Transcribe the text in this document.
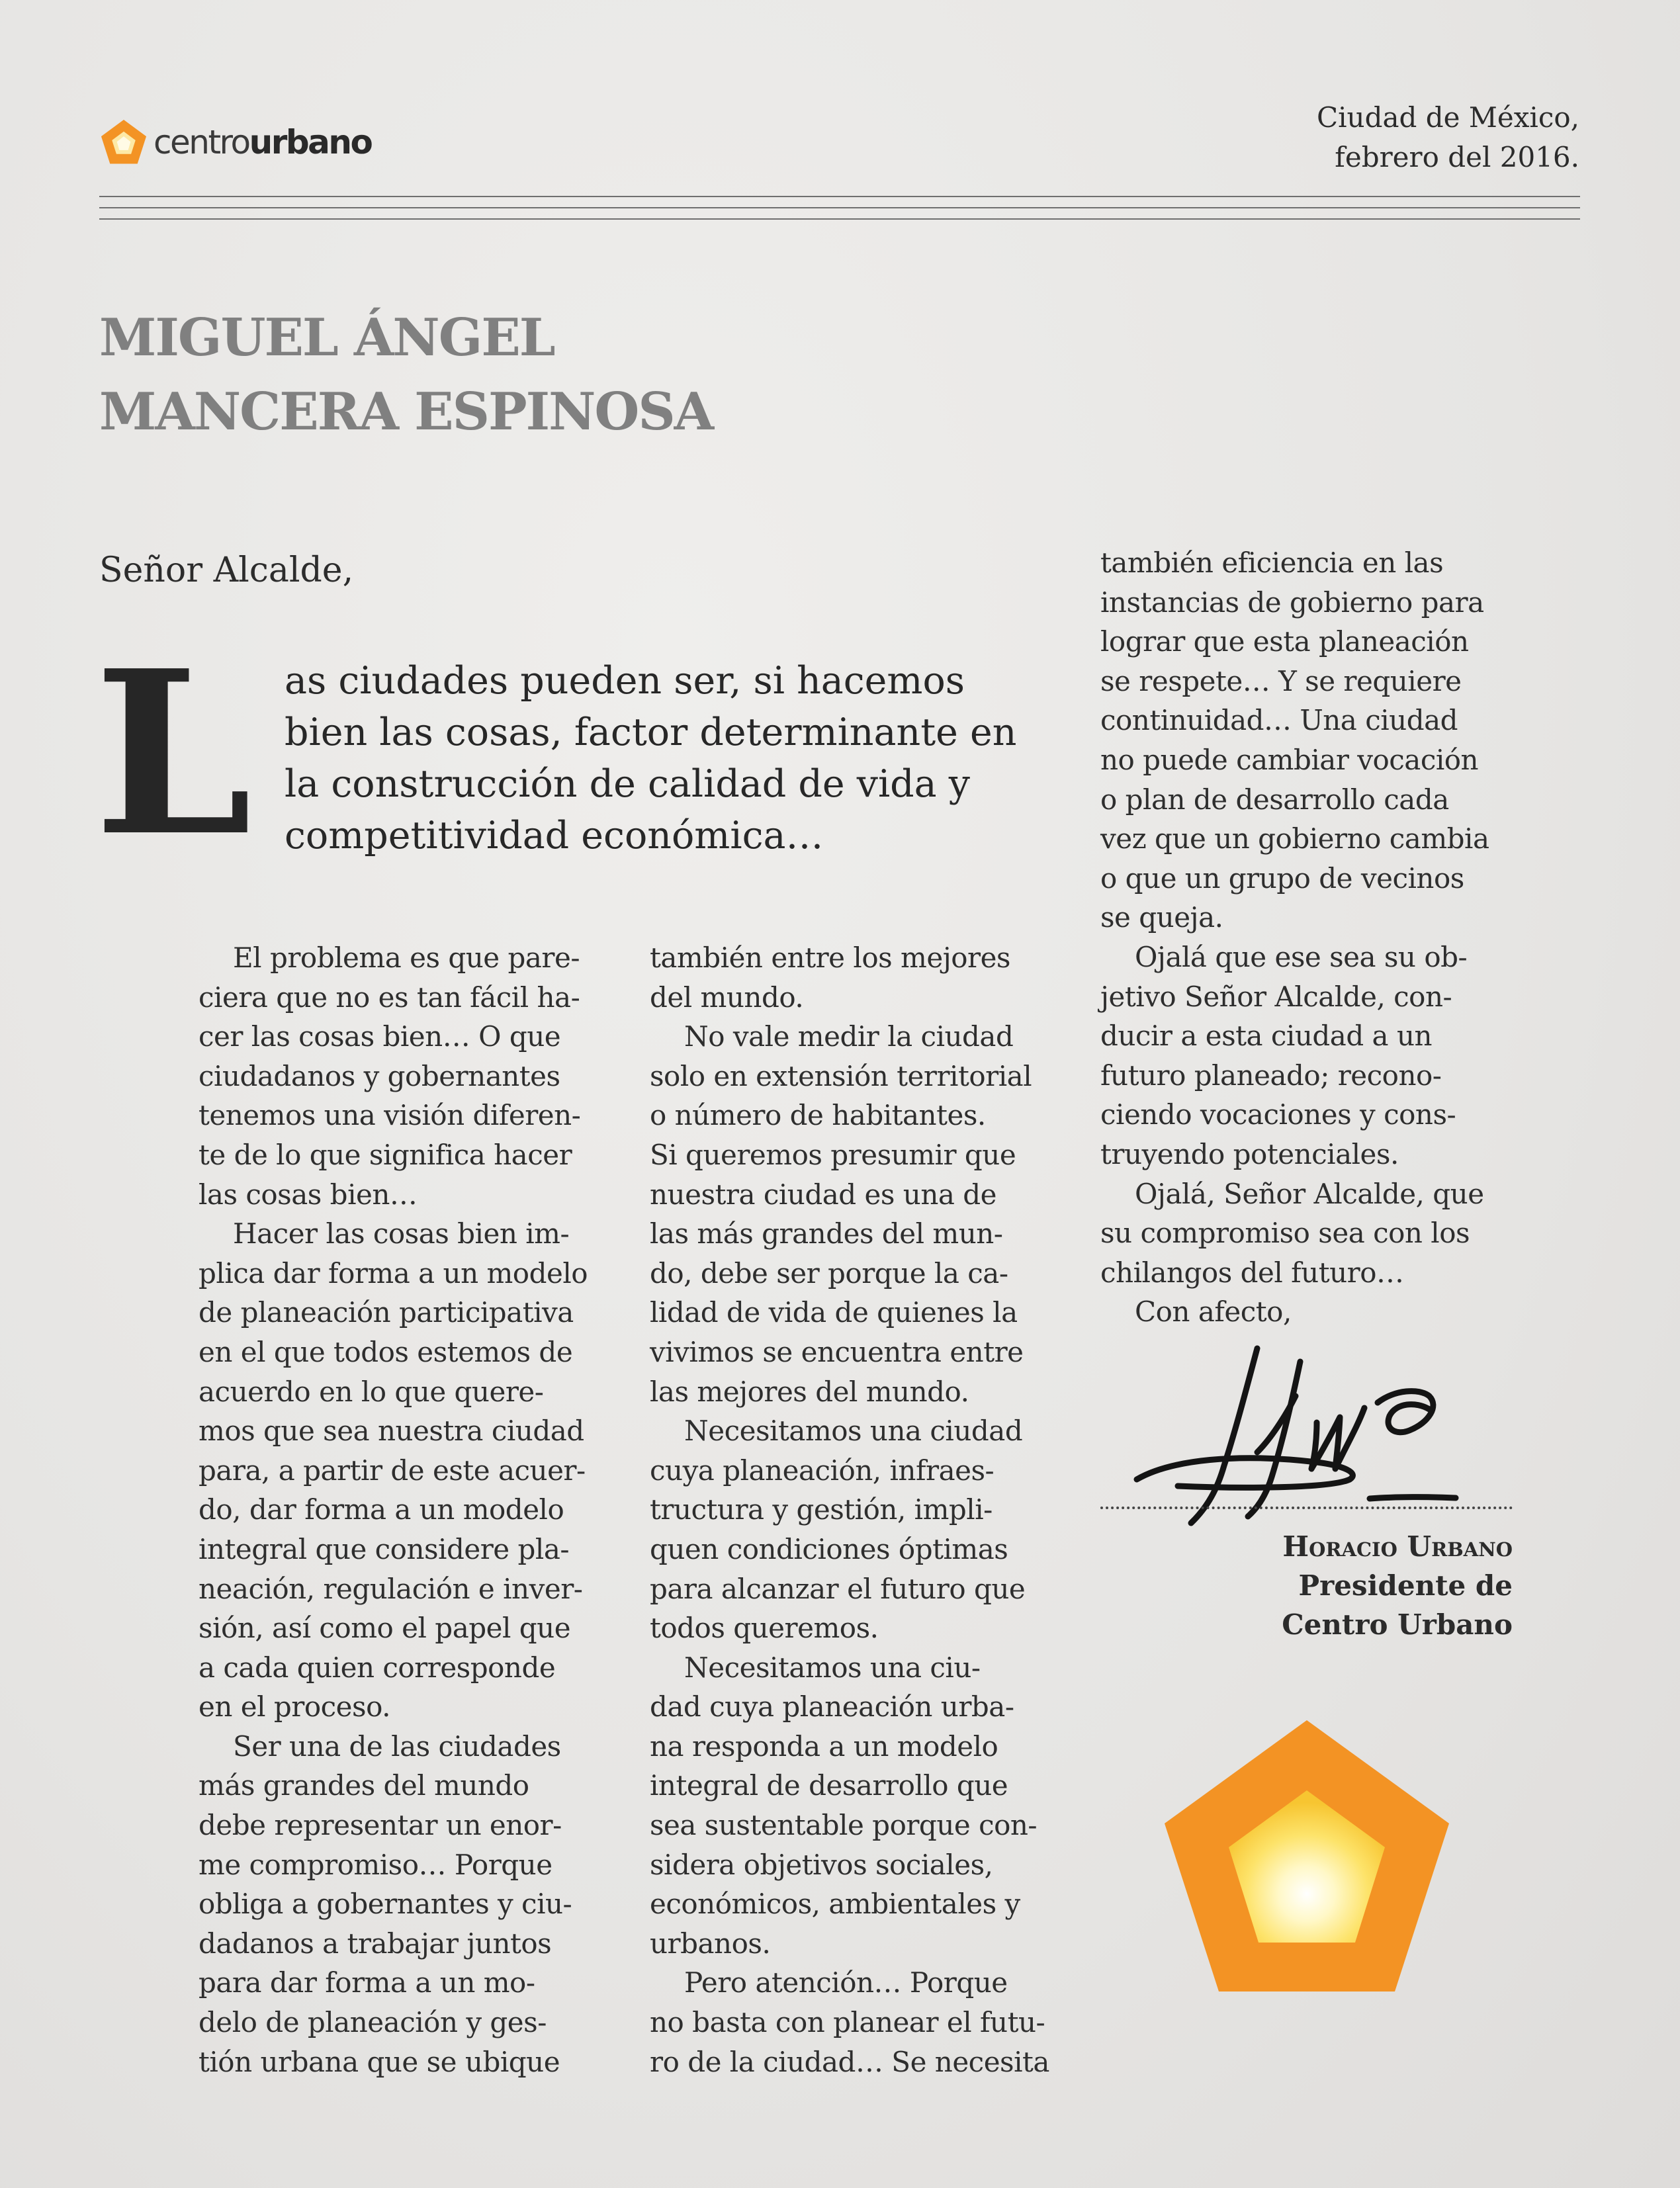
centrourbano
Ciudad de México,
febrero del 2016.
MIGUEL ÁNGEL
MANCERA ESPINOSA
Señor Alcalde,
L as ciudades pueden ser, si hacemos
bien las cosas, factor determinante en
la construcción de calidad de vida y
competitividad económica…
El problema es que pare-
ciera que no es tan fácil ha-
cer las cosas bien… O que
ciudadanos y gobernantes
tenemos una visión diferen-
te de lo que significa hacer
las cosas bien…
Hacer las cosas bien im-
plica dar forma a un modelo
de planeación participativa
en el que todos estemos de
acuerdo en lo que quere-
mos que sea nuestra ciudad
para, a partir de este acuer-
do, dar forma a un modelo
integral que considere pla-
neación, regulación e inver-
sión, así como el papel que
a cada quien corresponde
en el proceso.
Ser una de las ciudades
más grandes del mundo
debe representar un enor-
me compromiso… Porque
obliga a gobernantes y ciu-
dadanos a trabajar juntos
para dar forma a un mo-
delo de planeación y ges-
tión urbana que se ubique
también entre los mejores
del mundo.
No vale medir la ciudad
solo en extensión territorial
o número de habitantes.
Si queremos presumir que
nuestra ciudad es una de
las más grandes del mun-
do, debe ser porque la ca-
lidad de vida de quienes la
vivimos se encuentra entre
las mejores del mundo.
Necesitamos una ciudad
cuya planeación, infraes-
tructura y gestión, impli-
quen condiciones óptimas
para alcanzar el futuro que
todos queremos.
Necesitamos una ciu-
dad cuya planeación urba-
na responda a un modelo
integral de desarrollo que
sea sustentable porque con-
sidera objetivos sociales,
económicos, ambientales y
urbanos.
Pero atención… Porque
no basta con planear el futu-
ro de la ciudad… Se necesita
también eficiencia en las
instancias de gobierno para
lograr que esta planeación
se respete… Y se requiere
continuidad… Una ciudad
no puede cambiar vocación
o plan de desarrollo cada
vez que un gobierno cambia
o que un grupo de vecinos
se queja.
Ojalá que ese sea su ob-
jetivo Señor Alcalde, con-
ducir a esta ciudad a un
futuro planeado; recono-
ciendo vocaciones y cons-
truyendo potenciales.
Ojalá, Señor Alcalde, que
su compromiso sea con los
chilangos del futuro…
Con afecto,
Horacio Urbano
Presidente de
Centro Urbano
